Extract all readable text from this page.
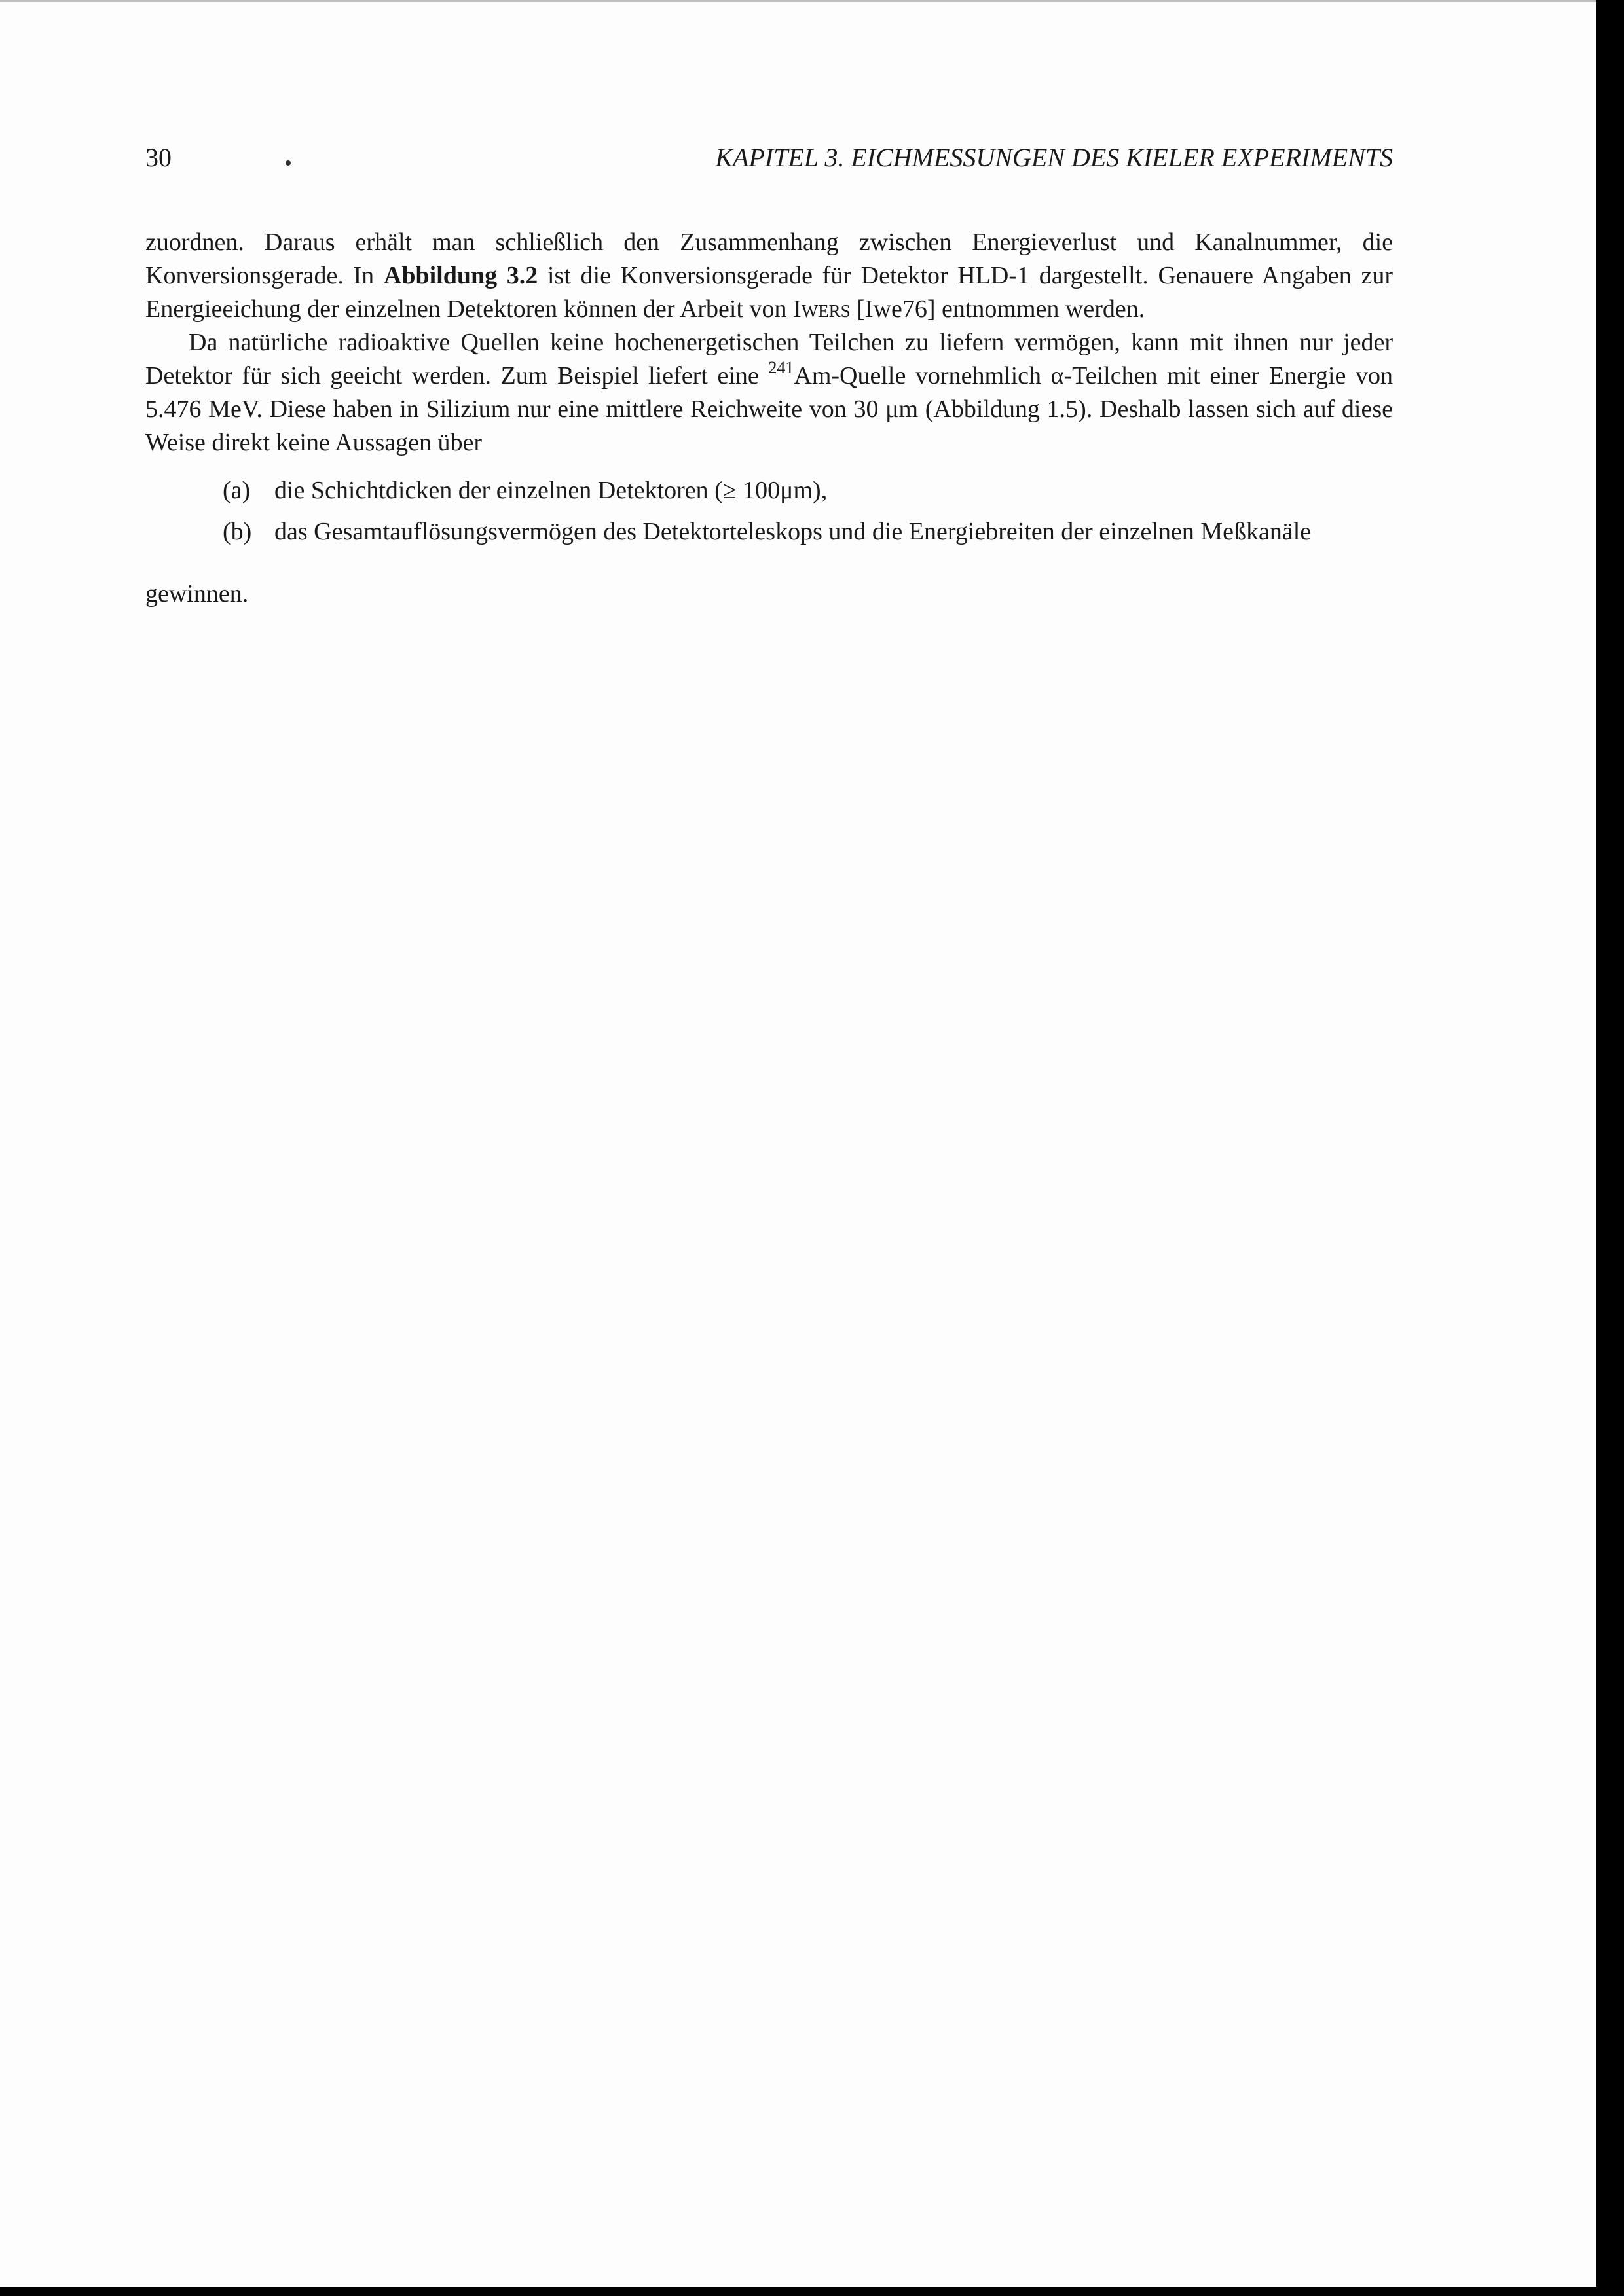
30	KAPITEL 3. EICHMESSUNGEN DES KIELER EXPERIMENTS

zuordnen. Daraus erhält man schließlich den Zusammenhang zwischen Energieverlust und Kanalnummer, die Konversionsgerade. In Abbildung 3.2 ist die Konversionsgerade für Detektor HLD-1 dargestellt. Genauere Angaben zur Energieeichung der einzelnen Detektoren können der Arbeit von Iwers [Iwe76] entnommen werden.

Da natürliche radioaktive Quellen keine hochenergetischen Teilchen zu liefern vermögen, kann mit ihnen nur jeder Detektor für sich geeicht werden. Zum Beispiel liefert eine $^{241}$Am-Quelle vornehmlich α-Teilchen mit einer Energie von 5.476 MeV. Diese haben in Silizium nur eine mittlere Reichweite von 30 μm (Abbildung 1.5). Deshalb lassen sich auf diese Weise direkt keine Aussagen über

(a) die Schichtdicken der einzelnen Detektoren (≥ 100μm),
(b) das Gesamtauflösungsvermögen des Detektorteleskops und die Energiebreiten der einzelnen Meßkanäle

gewinnen.
